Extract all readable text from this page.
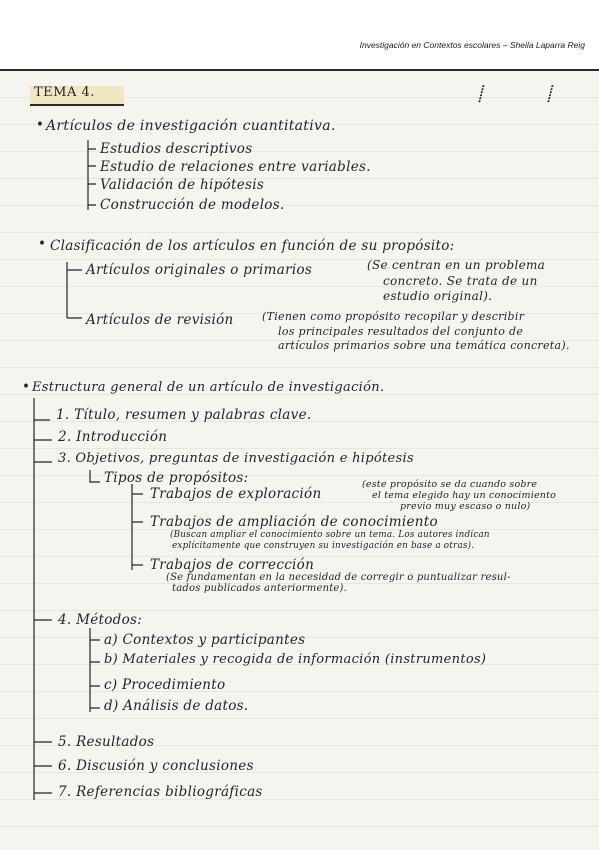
Investigación en Contextos escolares – Sheila Laparra Reig
TEMA 4.	⸽            ⸽
• Artículos de investigación cuantitativa.
Estudios descriptivos
Estudio de relaciones entre variables.
Validación de hipótesis
Construcción de modelos.
• Clasificación de los artículos en función de su propósito:
Artículos originales o primarios	(Se centran en un problema
concreto. Se trata de un
estudio original).
Artículos de revisión	(Tienen como propósito recopilar y describir
los principales resultados del conjunto de
artículos primarios sobre una temática concreta).
• Estructura general de un artículo de investigación.
1. Título, resumen y palabras clave.
2. Introducción
3. Objetivos, preguntas de investigación e hipótesis
Tipos de propósitos:
Trabajos de exploración
(este propósito se da cuando sobre
el tema elegido hay un conocimiento
previo muy escaso o nulo)
Trabajos de ampliación de conocimiento
(Buscan ampliar el conocimiento sobre un tema. Los autores indican
explícitamente que construyen su investigación en base a otras).
Trabajos de corrección
(Se fundamentan en la necesidad de corregir o puntualizar resul-
tados publicados anteriormente).
4. Métodos:
a) Contextos y participantes
b) Materiales y recogida de información (instrumentos)
c) Procedimiento
d) Análisis de datos.
5. Resultados
6. Discusión y conclusiones
7. Referencias bibliográficas
